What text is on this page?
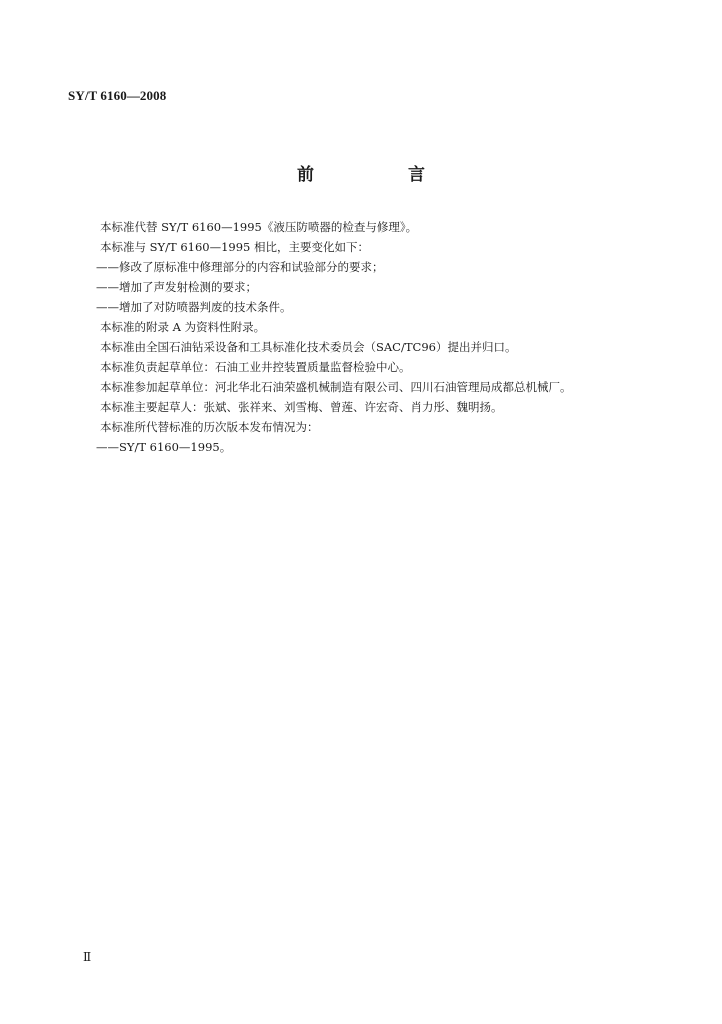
SY/T 6160—2008
前 言
本标准代替 SY/T 6160—1995《液压防喷器的检查与修理》。
本标准与 SY/T 6160—1995 相比，主要变化如下：
——修改了原标准中修理部分的内容和试验部分的要求；
——增加了声发射检测的要求；
——增加了对防喷器判废的技术条件。
本标准的附录 A 为资料性附录。
本标准由全国石油钻采设备和工具标准化技术委员会（SAC/TC96）提出并归口。
本标准负责起草单位：石油工业井控装置质量监督检验中心。
本标准参加起草单位：河北华北石油荣盛机械制造有限公司、四川石油管理局成都总机械厂。
本标准主要起草人：张斌、张祥来、刘雪梅、曾莲、许宏奇、肖力彤、魏明扬。
本标准所代替标准的历次版本发布情况为：
——SY/T 6160—1995。
Ⅱ
